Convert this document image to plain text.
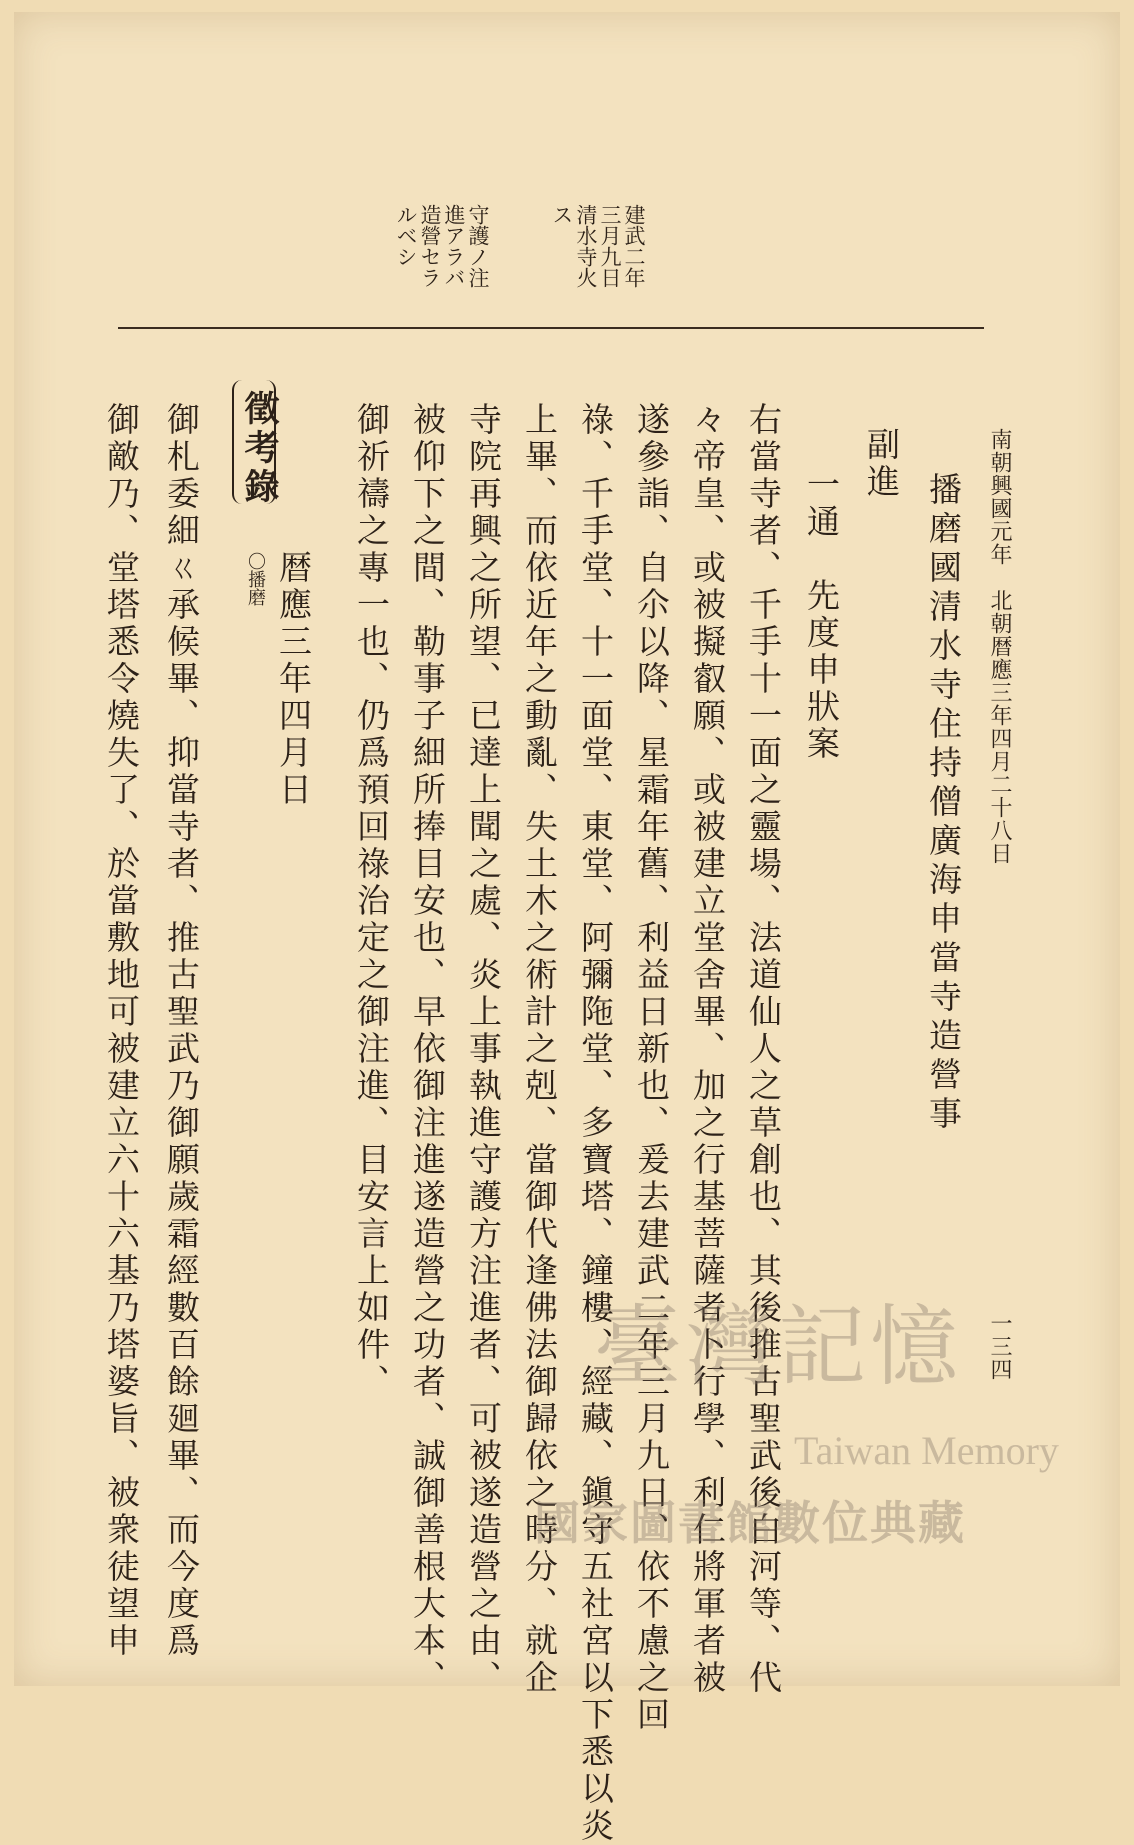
建武二年
三月九日
清水寺火
ス
守護ノ注
進アラバ
造營セラ
ルベシ
南朝興國元年　北朝暦應三年四月二十八日
一三四
播磨國清水寺住持僧廣海申當寺造營事
副進
一通　先度申狀案
右當寺者、千手十一面之靈場、法道仙人之草創也、其後推古聖武後白河等、代
々帝皇、或被擬叡願、或被建立堂舍畢、加之行基菩薩者卜行學、利仁將軍者被
遂參詣、自尒以降、星霜年舊、利益日新也、爰去建武二年三月九日、依不慮之回
祿、千手堂、十一面堂、東堂、阿彌陁堂、多寶塔、鐘樓、經藏、鎭守五社宮以下悉以炎
上畢、而依近年之動亂、失土木之術計之剋、當御代逢佛法御歸依之時分、就企
寺院再興之所望、已達上聞之處、炎上事執進守護方注進者、可被遂造營之由、
被仰下之間、勒事子細所捧目安也、早依御注進遂造營之功者、誠御善根大本、
御祈禱之專一也、仍爲預回祿治定之御注進、目安言上如件、
暦應三年四月日
徵考錄
〇播磨
御札委細ㄍ承候畢、抑當寺者、推古聖武乃御願歲霜經數百餘廻畢、而今度爲
御敵乃、堂塔悉令燒失了、於當敷地可被建立六十六基乃塔婆旨、被衆徒望申	臺灣記憶
Taiwan Memory
國家圖書館數位典藏
